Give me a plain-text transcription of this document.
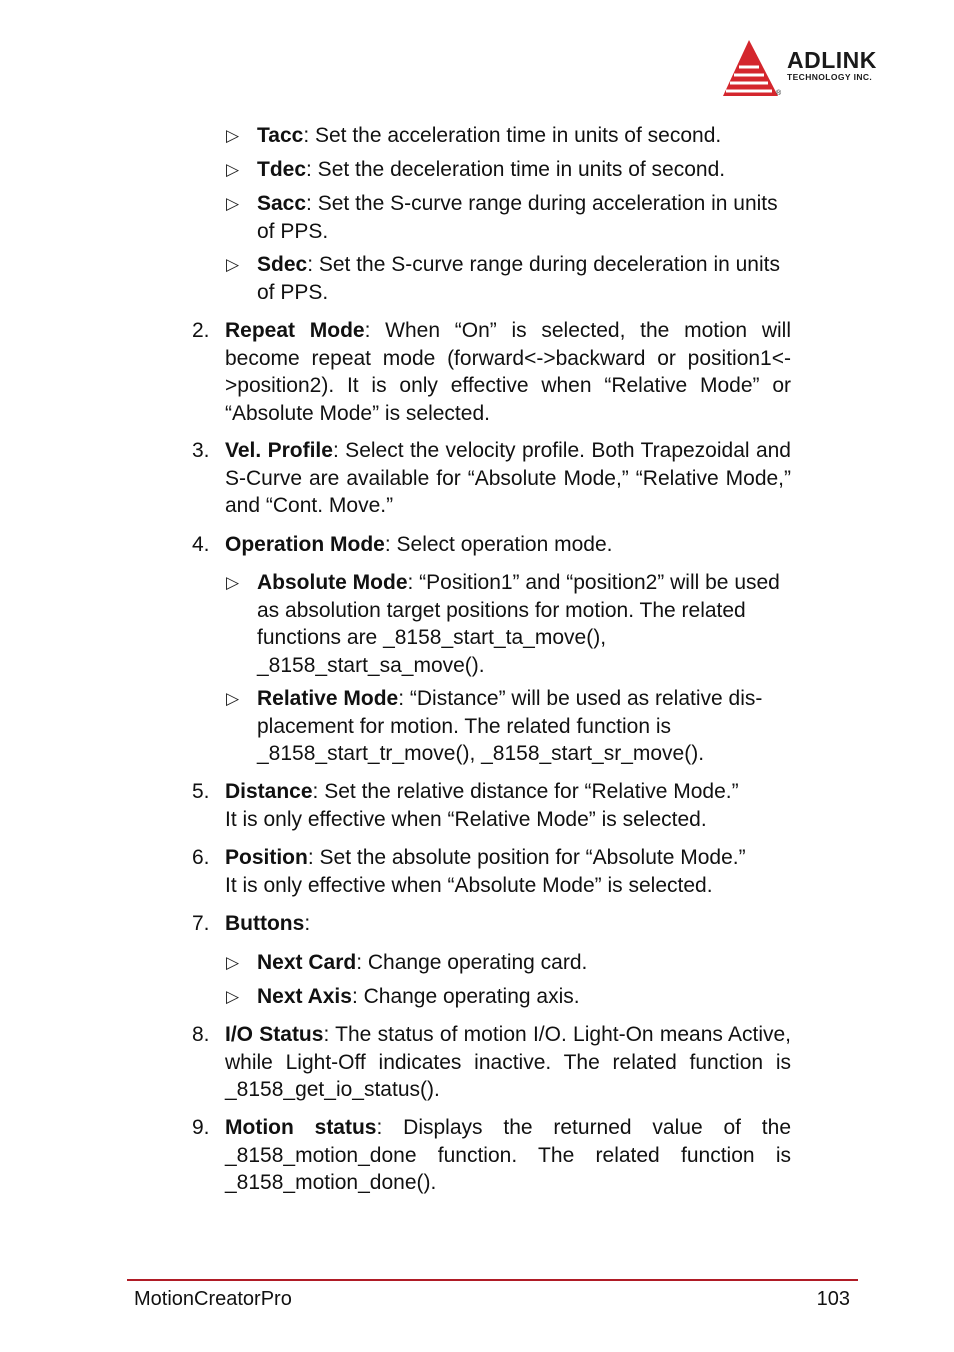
ADLINK
TECHNOLOGY INC.
®
▷ Tacc: Set the acceleration time in units of second.
▷ Tdec: Set the deceleration time in units of second.
▷ Sacc: Set the S-curve range during acceleration in units
of PPS.
▷ Sdec: Set the S-curve range during deceleration in units
of PPS.
2. Repeat Mode: When “On” is selected, the motion will become repeat mode (forward<->backward or position1<->position2). It is only effective when “Relative Mode” or “Absolute Mode” is selected.
3. Vel. Profile: Select the velocity profile. Both Trapezoidal and S-Curve are available for “Absolute Mode,” “Relative Mode,” and “Cont. Move.”
4. Operation Mode: Select operation mode.
▷ Absolute Mode: “Position1” and “position2” will be used
as absolution target positions for motion. The related
functions are _8158_start_ta_move(),
_8158_start_sa_move().
▷ Relative Mode: “Distance” will be used as relative dis-
placement for motion. The related function is
_8158_start_tr_move(), _8158_start_sr_move().
5. Distance: Set the relative distance for “Relative Mode.”
It is only effective when “Relative Mode” is selected.
6. Position: Set the absolute position for “Absolute Mode.”
It is only effective when “Absolute Mode” is selected.
7. Buttons:
▷ Next Card: Change operating card.
▷ Next Axis: Change operating axis.
8. I/O Status: The status of motion I/O. Light-On means Active, while Light-Off indicates inactive. The related function is _8158_get_io_status().
9. Motion status: Displays the returned value of the _8158_motion_done function. The related function is _8158_motion_done().
MotionCreatorPro	103
